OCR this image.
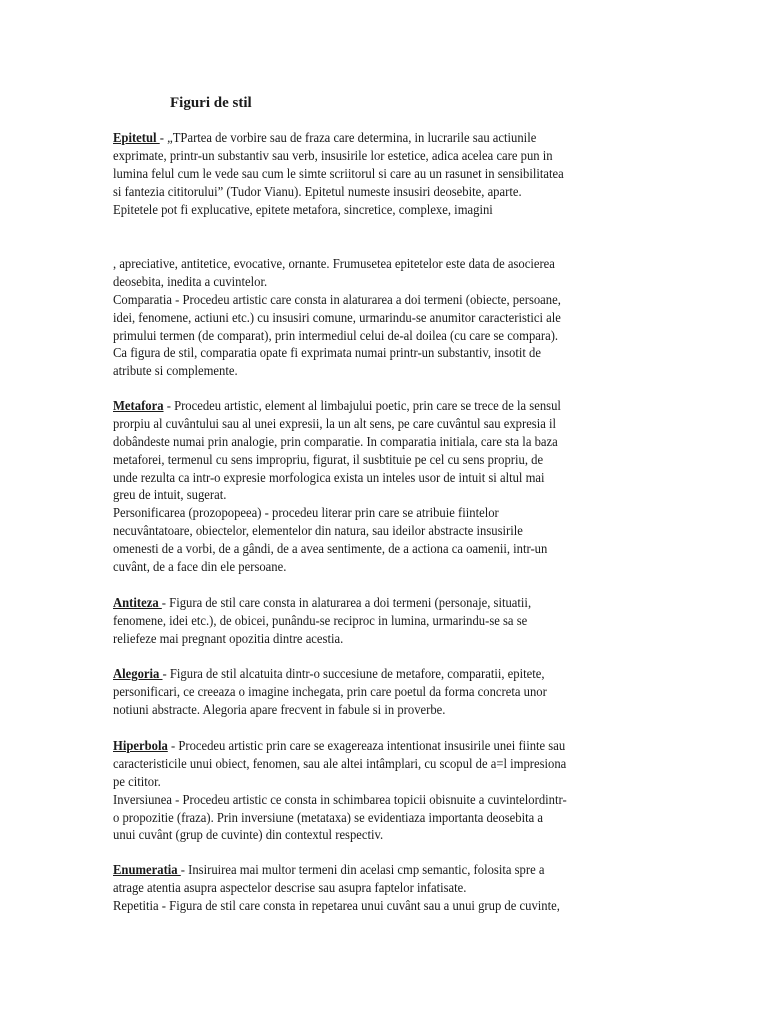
Figuri de stil
Epitetul - „TPartea de vorbire sau de fraza care determina, in lucrarile sau actiunile
exprimate, printr-un substantiv sau verb, insusirile lor estetice, adica acelea care pun in
lumina felul cum le vede sau cum le simte scriitorul si care au un rasunet in sensibilitatea
si fantezia cititorului” (Tudor Vianu). Epitetul numeste insusiri deosebite, aparte.
Epitetele pot fi explucative, epitete metafora, sincretice, complexe, imagini
, apreciative, antitetice, evocative, ornante. Frumusetea epitetelor este data de asocierea
deosebita, inedita a cuvintelor.
Comparatia - Procedeu artistic care consta in alaturarea a doi termeni (obiecte, persoane,
idei, fenomene, actiuni etc.) cu insusiri comune, urmarindu-se anumitor caracteristici ale
primului termen (de comparat), prin intermediul celui de-al doilea (cu care se compara).
Ca figura de stil, comparatia opate fi exprimata numai printr-un substantiv, insotit de
atribute si complemente.
Metafora - Procedeu artistic, element al limbajului poetic, prin care se trece de la sensul
prorpiu al cuvântului sau al unei expresii, la un alt sens, pe care cuvântul sau expresia il
dobândeste numai prin analogie, prin comparatie. In comparatia initiala, care sta la baza
metaforei, termenul cu sens impropriu, figurat, il susbtituie pe cel cu sens propriu, de
unde rezulta ca intr-o expresie morfologica exista un inteles usor de intuit si altul mai
greu de intuit, sugerat.
Personificarea (prozopopeea) - procedeu literar prin care se atribuie fiintelor
necuvântatoare, obiectelor, elementelor din natura, sau ideilor abstracte insusirile
omenesti de a vorbi, de a gândi, de a avea sentimente, de a actiona ca oamenii, intr-un
cuvânt, de a face din ele persoane.
Antiteza - Figura de stil care consta in alaturarea a doi termeni (personaje, situatii,
fenomene, idei etc.), de obicei, punându-se reciproc in lumina, urmarindu-se sa se
reliefeze mai pregnant opozitia dintre acestia.
Alegoria - Figura de stil alcatuita dintr-o succesiune de metafore, comparatii, epitete,
personificari, ce creeaza o imagine inchegata, prin care poetul da forma concreta unor
notiuni abstracte. Alegoria apare frecvent in fabule si in proverbe.
Hiperbola - Procedeu artistic prin care se exagereaza intentionat insusirile unei fiinte sau
caracteristicile unui obiect, fenomen, sau ale altei intâmplari, cu scopul de a=l impresiona
pe cititor.
Inversiunea - Procedeu artistic ce consta in schimbarea topicii obisnuite a cuvintelordintr-
o propozitie (fraza). Prin inversiune (metataxa) se evidentiaza importanta deosebita a
unui cuvânt (grup de cuvinte) din contextul respectiv.
Enumeratia - Insiruirea mai multor termeni din acelasi cmp semantic, folosita spre a
atrage atentia asupra aspectelor descrise sau asupra faptelor infatisate.
Repetitia - Figura de stil care consta in repetarea unui cuvânt sau a unui grup de cuvinte,
